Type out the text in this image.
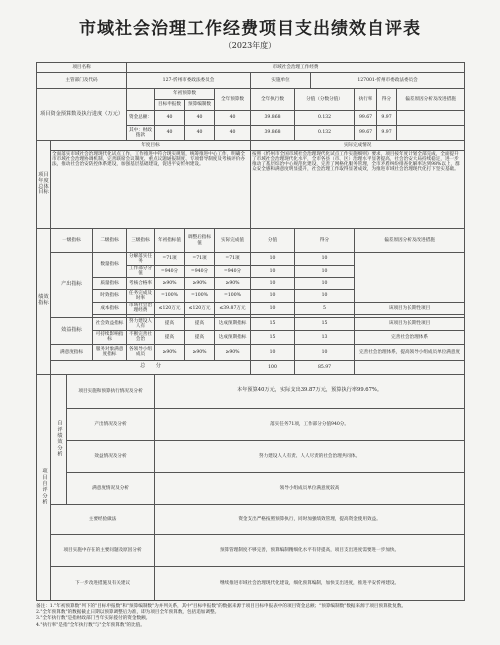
市域社会治理工作经费项目支出绩效自评表
（2023年度）
项目名称				市域社会治理工作经费									
主管部门及代码				127-忻州市委政法委员会				实施单位		127001-忻州市委政法委员会			
项目资金预算数及执行进度（万元）					年初预算数		全年预算数	全年执行数	分值（分数分值）		执行率	得分	偏差原因分析及改进措施
					目标申报数	预算编制数							
				资金总额：	40	40	40	39.868	0.132		99.67	9.97	
				其中：财政拨款	40	40	40	39.868	0.132		99.67	9.97	
项目年度总体目标	年度目标							实际完成情况					
	全面落实市域社会治理现代化试点工作，工作推进中符合现实规划，统筹推进中心工作，明确全市市域社会治理协调机制，完善联席会议制度、重点议题通报制度、专项督导制度及考核评价办法，推动社会治安防控体系建设，加强基层基础建设，促进平安忻州建设。							按照《忻州市全国市域社会治理现代化试点工作实施细则》要求，项目按年度计划全部完成，全面提升了市域社会治理现代化水平，全市各县（市、区）治理水平显著提高，社会治安大局持续稳定，进一步推动了基层综治中心规范化建设，完善了网格化服务管理，全市矛盾纠纷排查化解率达到98%以上，群众安全感和满意度明显提升，社会治理工作取得显著成效，为推进市域社会治理现代化打下坚实基础。					
绩效指标	一级指标		二级指标	三级指标	年初指标值	调整后指标值	实际完成值	分值	得分		偏差原因分析及改进措施		
	产出指标		数量指标	分解落实任务	=71项	=71项	=71项	10	10				
				工作部分分值	=940分	=940分	=940分	10	10				
			质量指标	考核合格率	≥90%	≥90%	≥90%	10	10				
			时效指标	任务完成及时率	=100%	=100%	=100%	10	10				
			成本指标	市域社会治理经费	≤120万元	≤120万元	≤39.87万元	10	5		该项目为长期性项目		

	效益指标		社会效益指标	努力建设人人有	提高	提高	达成预期指标	15	15		该项目为长期性项目		
			可持续影响指标	不断完善社会治	提高	提高	达成预期指标	15	13		完善社会治理体系		
	满意度指标		服务对象满意度指标	各领导小组成员	≥90%	≥90%	≥90%	10	10		完善社会治理体系，提高领导小组成员单位满意度		
	总　　分							100	85.97				
项目自评分析	自评绩效分析	项目实施和预算执行情况及分析			本年预算40万元，实际支出39.87万元，预算执行率99.67%。								
		产出情况及分析			落实任务71项，工作部分分值940分。								
		效益情况及分析			努力建设人人有责、人人尽责的社会治理共同体。								
		满意度情况及分析			领导小组成员单位满意度较高								
	主要经验做法				资金支出严格按照预算执行，同时加强绩效管理，提高资金使用效益。								
	项目实施中存在的主要问题及原因分析				预算管理制度不够完善，预算编制精细化水平有待提高，项目支出进度需要进一步加快。								
	下一步改进措施及有关建议				继续推进市域社会治理现代化建设，细化预算编制，加快支出进度，推进平安忻州建设。								
备注：1."年初预算数"列下的"目标申报数"和"预算编制数"为并列关系，其中"目标申报数"的数据来源于项目目标申报表中的项目资金总额；"预算编制数"数据来源于项目预算批复数。
2."全年预算数"的数据截止日期以预算调整后为准，即为项目全年预算数，包括追加调整。
3."全年执行数"是指财政部门当年实际拨付的资金数额。
4."执行率"是指"全年执行数"与"全年预算数"的比值。
